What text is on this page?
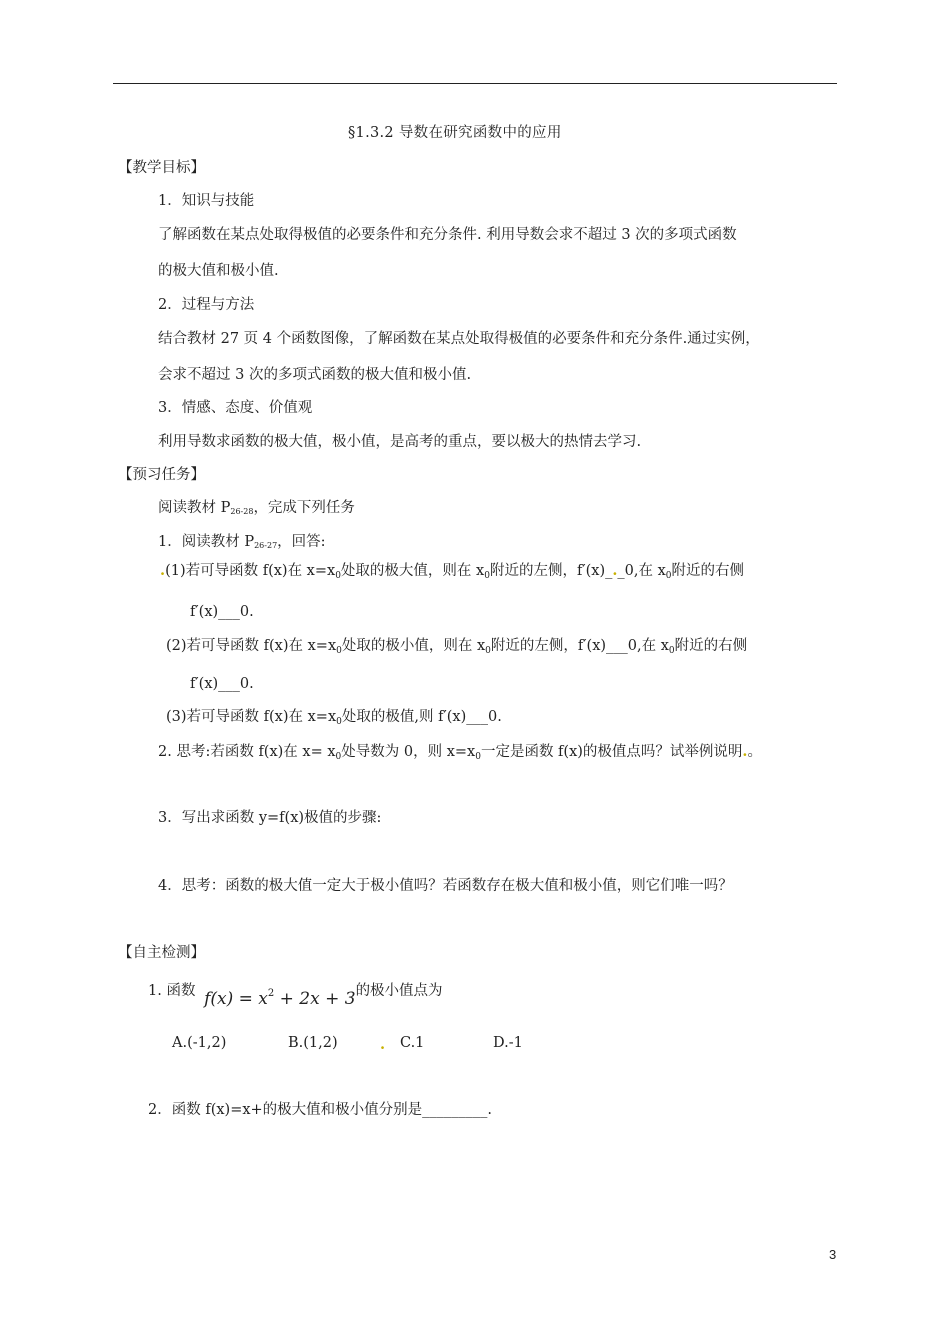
§1.3.2 导数在研究函数中的应用
【教学目标】
1．知识与技能
了解函数在某点处取得极值的必要条件和充分条件. 利用导数会求不超过 3 次的多项式函数
的极大值和极小值.
2．过程与方法
结合教材 27 页 4 个函数图像，了解函数在某点处取得极值的必要条件和充分条件.通过实例，
会求不超过 3 次的多项式函数的极大值和极小值.
3．情感、态度、价值观
利用导数求函数的极大值，极小值，是高考的重点，要以极大的热情去学习.
【预习任务】
阅读教材 $P_{26-28}$，完成下列任务
1．阅读教材 $P_{26-27}$，回答:
.(1)若可导函数 f(x)在 $x=x_0$处取的极大值，则在 $x_0$附近的左侧，f′(x)_._0,在 $x_0$附近的右侧
f′(x)___0.
(2)若可导函数 f(x)在 $x=x_0$处取的极小值，则在 $x_0$附近的左侧，f′(x)___0,在 $x_0$附近的右侧
f′(x)___0.
(3)若可导函数 f(x)在 $x=x_0$处取的极值,则 f′(x)___0.
2. 思考:若函数 f(x)在 $x= x_0$处导数为 0，则 $x=x_0$一定是函数 f(x)的极值点吗？试举例说明.。
3．写出求函数 y=f(x)极值的步骤:
4．思考：函数的极大值一定大于极小值吗？若函数存在极大值和极小值，则它们唯一吗？
【自主检测】
1. 函数 $f(x) = x^2 + 2x + 3$的极小值点为
A.(-1,2)	B.(1,2)	. C.1	D.-1
2．函数 f(x)=x+的极大值和极小值分别是_________.
3
